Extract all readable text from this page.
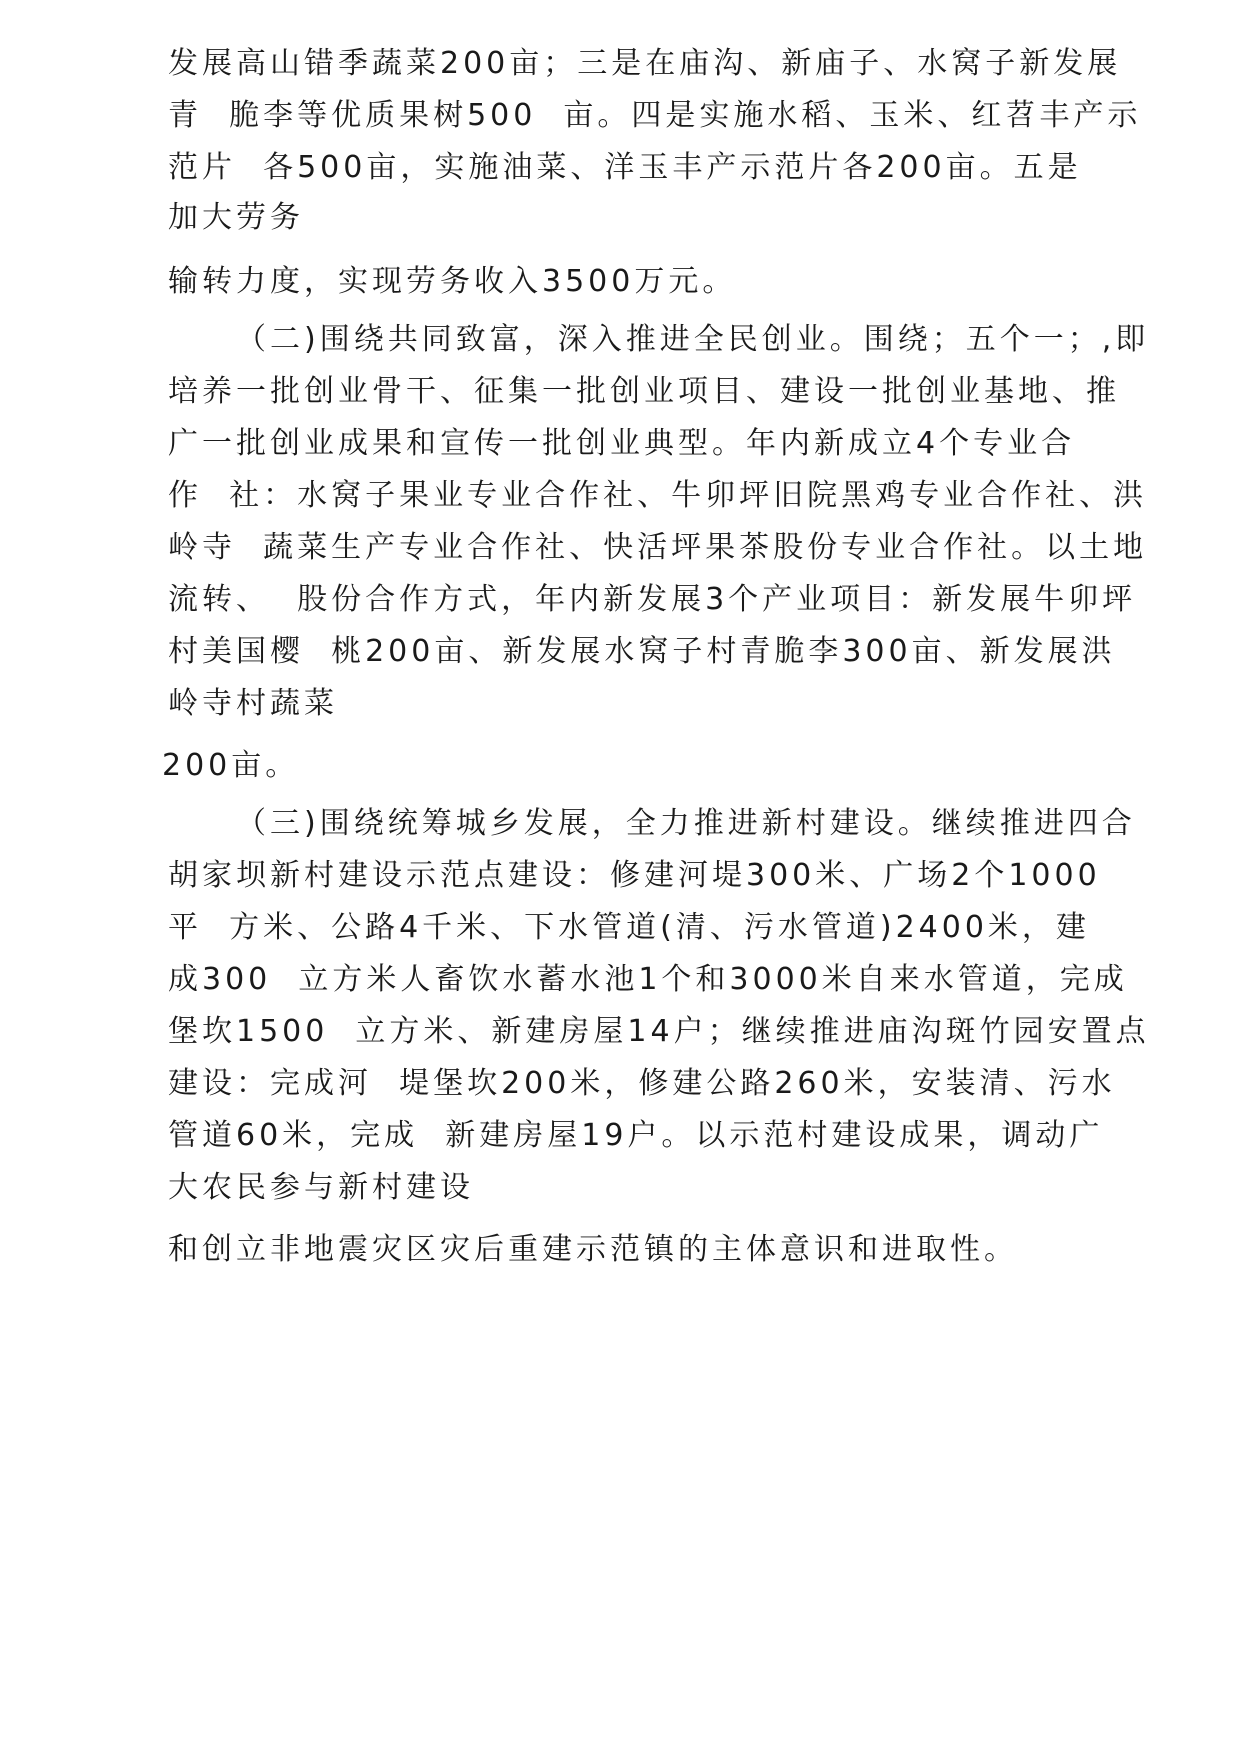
发展高山错季蔬菜200亩；三是在庙沟、新庙子、水窝子新发展
青  脆李等优质果树500  亩。四是实施水稻、玉米、红苕丰产示
范片  各500亩，实施油菜、洋玉丰产示范片各200亩。五是
加大劳务
输转力度，实现劳务收入3500万元。
（二)围绕共同致富，深入推进全民创业。围绕；五个一；,即
培养一批创业骨干、征集一批创业项目、建设一批创业基地、推
广一批创业成果和宣传一批创业典型。年内新成立4个专业合
作  社：水窝子果业专业合作社、牛卯坪旧院黑鸡专业合作社、洪
岭寺  蔬菜生产专业合作社、快活坪果茶股份专业合作社。以土地
流转、  股份合作方式，年内新发展3个产业项目：新发展牛卯坪
村美国樱  桃200亩、新发展水窝子村青脆李300亩、新发展洪
岭寺村蔬菜
200亩。
（三)围绕统筹城乡发展，全力推进新村建设。继续推进四合
胡家坝新村建设示范点建设：修建河堤300米、广场2个1000
平  方米、公路4千米、下水管道(清、污水管道)2400米，建
成300  立方米人畜饮水蓄水池1个和3000米自来水管道，完成
堡坎1500  立方米、新建房屋14户；继续推进庙沟斑竹园安置点
建设：完成河  堤堡坎200米，修建公路260米，安装清、污水
管道60米，完成  新建房屋19户。以示范村建设成果，调动广
大农民参与新村建设
和创立非地震灾区灾后重建示范镇的主体意识和进取性。
